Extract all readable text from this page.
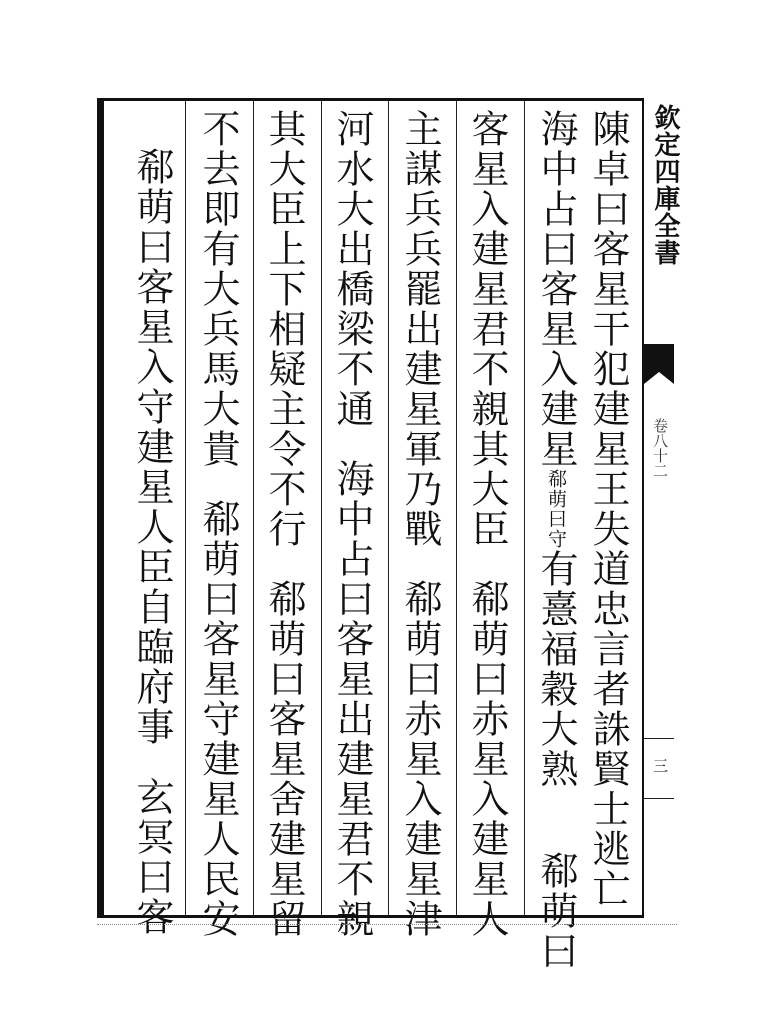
欽定四庫全書
卷八十二
三
陳卓曰客星干犯建星王失道忠言者誅賢士逃亡
海中占曰客星入建星郗萌曰守有憙福穀大熟郗萌曰
客星入建星君不親其大臣郗萌曰赤星入建星人
主謀兵兵罷出建星軍乃戰郗萌曰赤星入建星津
河水大出橋梁不通海中占曰客星出建星君不親
其大臣上下相疑主令不行郗萌曰客星舍建星留
不去即有大兵馬大貴郗萌曰客星守建星人民安
郗萌曰客星入守建星人臣自臨府事玄冥曰客
